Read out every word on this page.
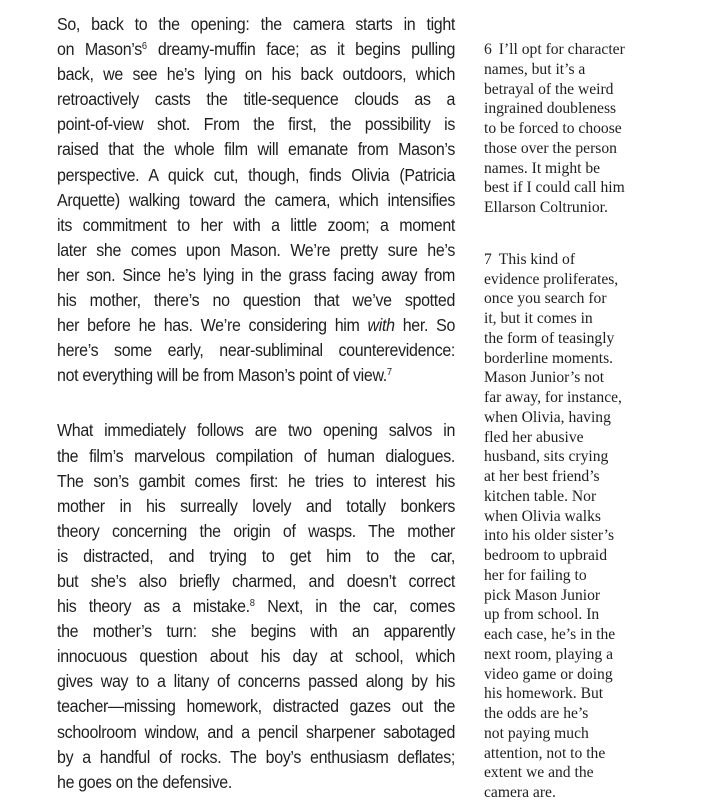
So, back to the opening: the camera starts in tight
on Mason’s$^6$ dreamy-muffin face; as it begins pulling
back, we see he’s lying on his back outdoors, which
retroactively casts the title-sequence clouds as a
point-of-view shot. From the first, the possibility is
raised that the whole film will emanate from Mason’s
perspective. A quick cut, though, finds Olivia (Patricia
Arquette) walking toward the camera, which intensifies
its commitment to her with a little zoom; a moment
later she comes upon Mason. We’re pretty sure he’s
her son. Since he’s lying in the grass facing away from
his mother, there’s no question that we’ve spotted
her before he has. We’re considering him with her. So
here’s some early, near-subliminal counterevidence:
not everything will be from Mason’s point of view.$^7$
What immediately follows are two opening salvos in
the film’s marvelous compilation of human dialogues.
The son’s gambit comes first: he tries to interest his
mother in his surreally lovely and totally bonkers
theory concerning the origin of wasps. The mother
is distracted, and trying to get him to the car,
but she’s also briefly charmed, and doesn’t correct
his theory as a mistake.$^8$ Next, in the car, comes
the mother’s turn: she begins with an apparently
innocuous question about his day at school, which
gives way to a litany of concerns passed along by his
teacher—missing homework, distracted gazes out the
schoolroom window, and a pencil sharpener sabotaged
by a handful of rocks. The boy’s enthusiasm deflates;
he goes on the defensive.
6 I’ll opt for character
names, but it’s a
betrayal of the weird
ingrained doubleness
to be forced to choose
those over the person
names. It might be
best if I could call him
Ellarson Coltrunior.
7 This kind of
evidence proliferates,
once you search for
it, but it comes in
the form of teasingly
borderline moments.
Mason Junior’s not
far away, for instance,
when Olivia, having
fled her abusive
husband, sits crying
at her best friend’s
kitchen table. Nor
when Olivia walks
into his older sister’s
bedroom to upbraid
her for failing to
pick Mason Junior
up from school. In
each case, he’s in the
next room, playing a
video game or doing
his homework. But
the odds are he’s
not paying much
attention, not to the
extent we and the
camera are.
